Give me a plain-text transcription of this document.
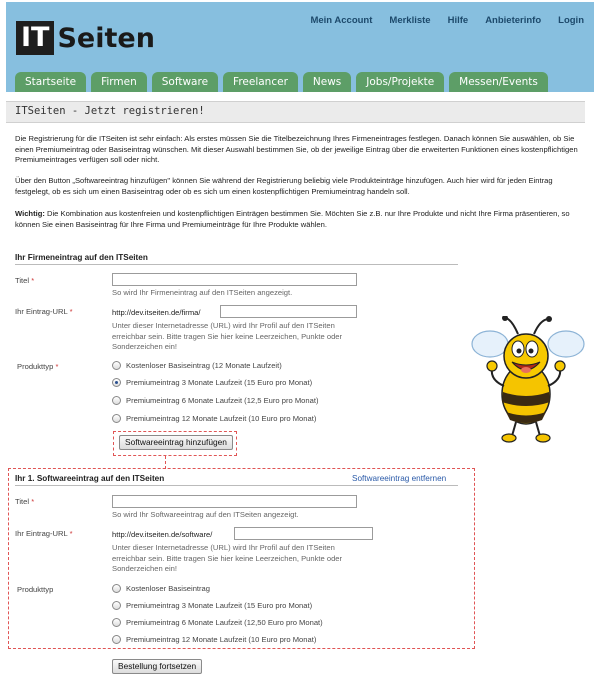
IT Seiten
Mein Account Merkliste Hilfe Anbieterinfo Login
Startseite	Firmen	Software	Freelancer	News	Jobs/Projekte	Messen/Events
ITSeiten - Jetzt registrieren!

Die Registrierung für die ITSeiten ist sehr einfach: Als erstes müssen Sie die Titelbezeichnung Ihres Firmeneintrages festlegen. Danach können Sie auswählen, ob Sie einen Premiumeintrag oder Basiseintrag wünschen. Mit dieser Auswahl bestimmen Sie, ob der jeweilige Eintrag über die erweiterten Funktionen eines kostenpflichtigen Premiumeintrages verfügen soll oder nicht.

Über den Button „Softwareeintrag hinzufügen" können Sie während der Registrierung beliebig viele Produkteinträge hinzufügen. Auch hier wird für jeden Eintrag festgelegt, ob es sich um einen Basiseintrag oder ob es sich um einen kostenpflichtigen Premiumeintrag handeln soll.

Wichtig: Die Kombination aus kostenfreien und kostenpflichtigen Einträgen bestimmen Sie. Möchten Sie z.B. nur Ihre Produkte und nicht Ihre Firma präsentieren, so können Sie einen Basiseintrag für Ihre Firma und Premiumeinträge für Ihre Produkte wählen.

Ihr Firmeneintrag auf den ITSeiten
Titel *
So wird Ihr Firmeneintrag auf den ITSeiten angezeigt.
Ihr Eintrag-URL *	http://dev.itseiten.de/firma/
Unter dieser Internetadresse (URL) wird Ihr Profil auf den ITSeiten
erreichbar sein. Bitte tragen Sie hier keine Leerzeichen, Punkte oder
Sonderzeichen ein!
Produkttyp *	Kostenloser Basiseintrag (12 Monate Laufzeit)
Premiumeintrag 3 Monate Laufzeit (15 Euro pro Monat)
Premiumeintrag 6 Monate Laufzeit (12,5 Euro pro Monat)
Premiumeintrag 12 Monate Laufzeit (10 Euro pro Monat)
Softwareeintrag hinzufügen
Ihr 1. Softwareeintrag auf den ITSeiten	Softwareeintrag entfernen
Titel *
So wird Ihr Softwareeintrag auf den ITSeiten angezeigt.
Ihr Eintrag-URL *	http://dev.itseiten.de/software/
Unter dieser Internetadresse (URL) wird Ihr Profil auf den ITSeiten
erreichbar sein. Bitte tragen Sie hier keine Leerzeichen, Punkte oder
Sonderzeichen ein!
Produkttyp	Kostenloser Basiseintrag
Premiumeintrag 3 Monate Laufzeit (15 Euro pro Monat)
Premiumeintrag 6 Monate Laufzeit (12,50 Euro pro Monat)
Premiumeintrag 12 Monate Laufzeit (10 Euro pro Monat)
Bestellung fortsetzen
